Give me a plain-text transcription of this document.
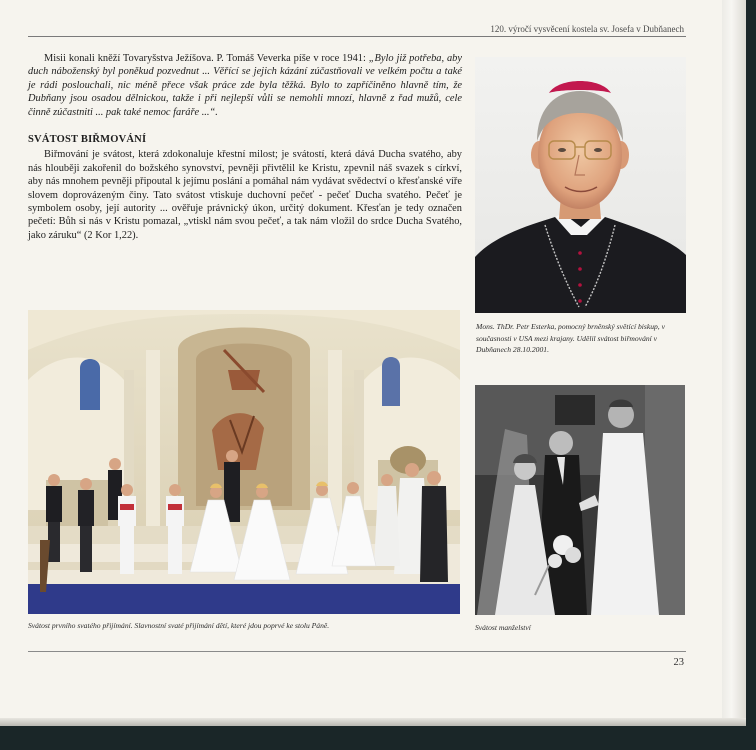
120. výročí vysvěcení kostela sv. Josefa v Dubňanech

Misii konali kněží Tovaryšstva Ježíšova. P. Tomáš Veverka píše v roce 1941: „Bylo již potřeba, aby duch náboženský byl poněkud pozvednut ... Věřící se jejich kázání zúčastňovali ve velkém počtu a také je rádi poslouchali, nic méně přece však práce zde byla těžká. Bylo to zapříčiněno hlavně tím, že Dubňany jsou osadou dělnickou, takže i při nejlepší vůli se nemohli mnozí, hlavně z řad mužů, cele činně zúčastniti ... pak také nemoc faráře ...“.

SVÁTOST BIŘMOVÁNÍ

Biřmování je svátost, která zdokonaluje křestní milost; je svátostí, která dává Ducha svatého, aby nás hlouběji zakořenil do božského synovství, pevněji přivtělil ke Kristu, zpevnil náš svazek s církví, aby nás mnohem pevněji připoutal k jejímu poslání a pomáhal nám vydávat svědectví o křesťanské víře slovem doprovázeným činy. Tato svátost vtiskuje duchovní pečeť - pečeť Ducha svatého. Pečeť je symbolem osoby, její autority ... ověřuje právnický úkon, určitý dokument. Křesťan je tedy označen pečetí: Bůh si nás v Kristu pomazal, „vtiskl nám svou pečeť, a tak nám vložil do srdce Ducha Svatého, jako záruku“ (2 Kor 1,22).

Mons. ThDr. Petr Esterka, pomocný brněnský světící biskup, v současnosti v USA mezi krajany. Udělil svátost biřmování v Dubňanech 28.10.2001.
Svátost prvního svatého přijímání. Slavnostní svaté přijímání dětí, které jdou poprvé ke stolu Páně.	Svátost manželství
23
